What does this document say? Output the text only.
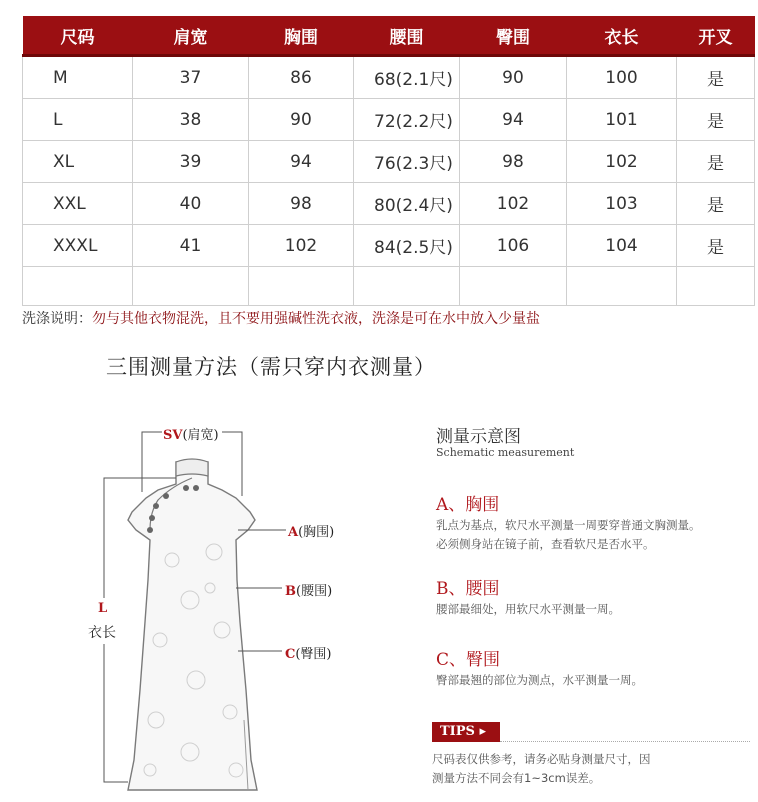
尺码	肩宽	胸围	腰围	臀围	衣长	开叉
M	37	86	68(2.1尺)	90	100	是
L	38	90	72(2.2尺)	94	101	是
XL	39	94	76(2.3尺)	98	102	是
XXL	40	98	80(2.4尺)	102	103	是
XXXL	41	102	84(2.5尺)	106	104	是

洗涤说明：勿与其他衣物混洗，且不要用强碱性洗衣液，洗涤是可在水中放入少量盐
三围测量方法（需只穿内衣测量）
SV(肩宽)
A(胸围)
B(腰围)
C(臀围)
L
衣长
测量示意图
Schematic measurement
A、胸围
乳点为基点，软尺水平测量一周要穿普通文胸测量。
必须侧身站在镜子前，查看软尺是否水平。
B、腰围
腰部最细处，用软尺水平测量一周。
C、臀围
臀部最翘的部位为测点，水平测量一周。
TIPS ▸
尺码表仅供参考，请务必贴身测量尺寸，因
测量方法不同会有1~3cm误差。
